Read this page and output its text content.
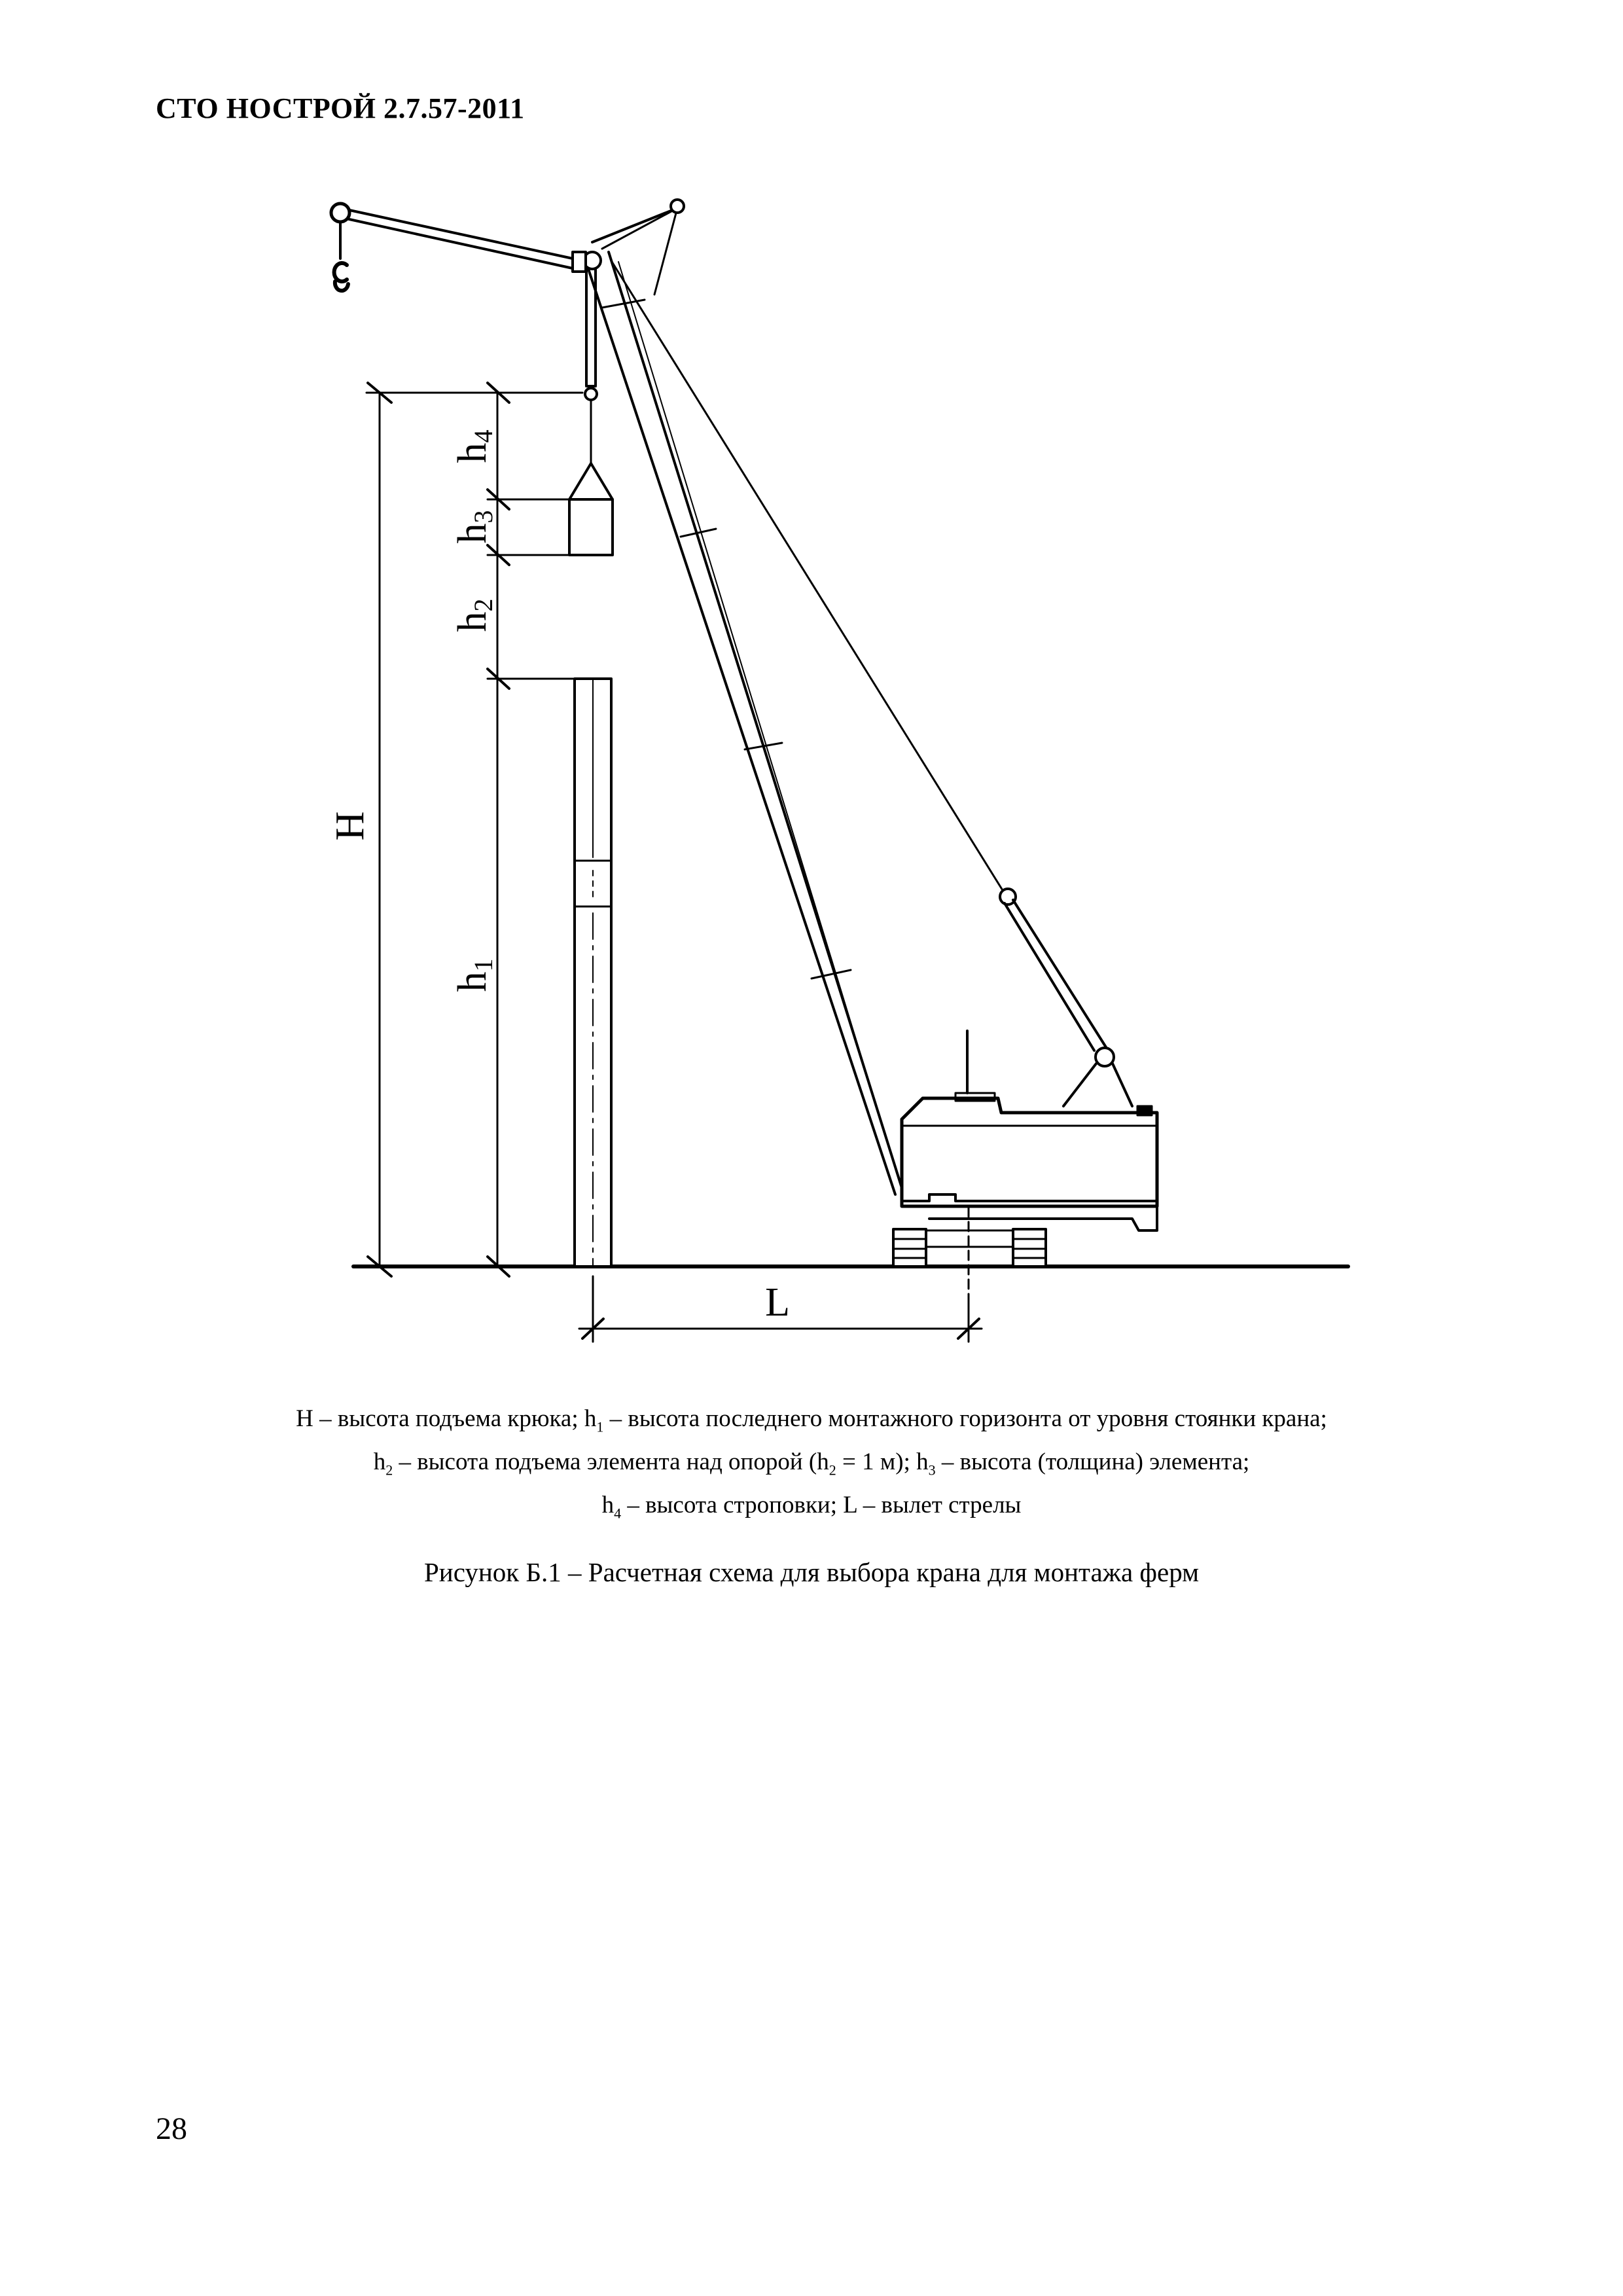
СТО НОСТРОЙ 2.7.57-2011
H
h1
h2
h3
h4
L
H – высота подъема крюка; $h_1$ – высота последнего монтажного горизонта от уровня стоянки крана;
$h_2$ – высота подъема элемента над опорой ($h_2 = 1$ м); $h_3$ – высота (толщина) элемента;
$h_4$ – высота строповки; L – вылет стрелы
Рисунок Б.1 – Расчетная схема для выбора крана для монтажа ферм
28
